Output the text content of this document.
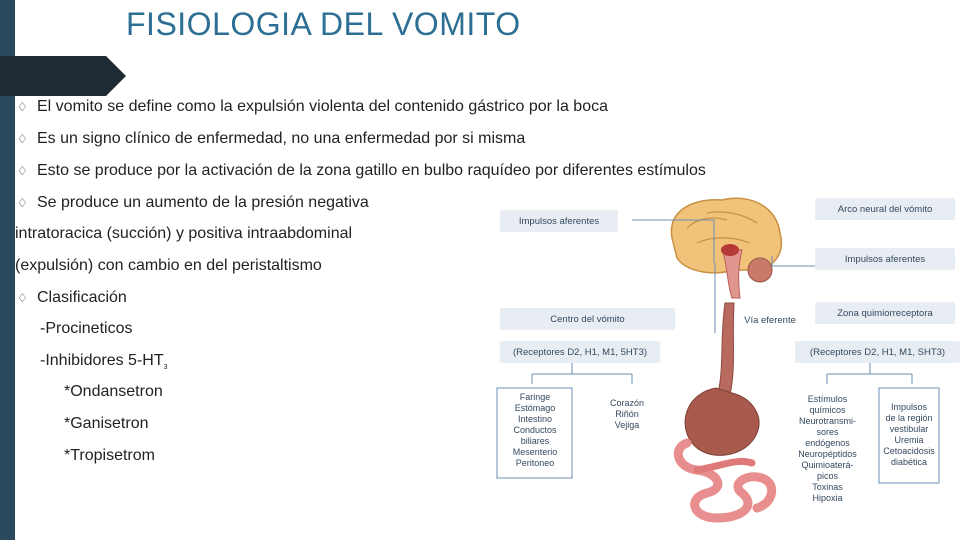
FISIOLOGIA DEL VOMITO
♢ El vomito se define como la expulsión violenta del contenido gástrico por la boca
♢ Es un signo clínico de enfermedad, no una enfermedad por si misma
♢ Esto se produce por la activación de la zona gatillo en bulbo raquídeo por diferentes estímulos
♢ Se produce un aumento de la presión negativa
intratoracica (succión) y positiva intraabdominal
(expulsión) con cambio en del peristaltismo
♢ Clasificación
-Procineticos
-Inhibidores $5-HT_3$
*Ondansetron
*Ganisetron
*Tropisetrom
Impulsos aferentes
Arco neural del vómito
Impulsos aferentes
Centro del vómito	Vía eferente
Zona quimiorreceptora
(Receptores D2, H1, M1, 5HT3)	(Receptores D2, H1, M1, SHT3)
Faringe
Estómago
Intestino
Conductos
biliares
Mesenterio
Peritoneo
Corazón
Riñón
Vejiga
Estímulos
químicos
Neurotransmi-
sores
endógenos
Neuropéptidos
Quimioaterá-
picos
Toxinas
Hipoxia
Impulsos
de la región
vestibular
Uremia
Cetoacidosis
diabética
